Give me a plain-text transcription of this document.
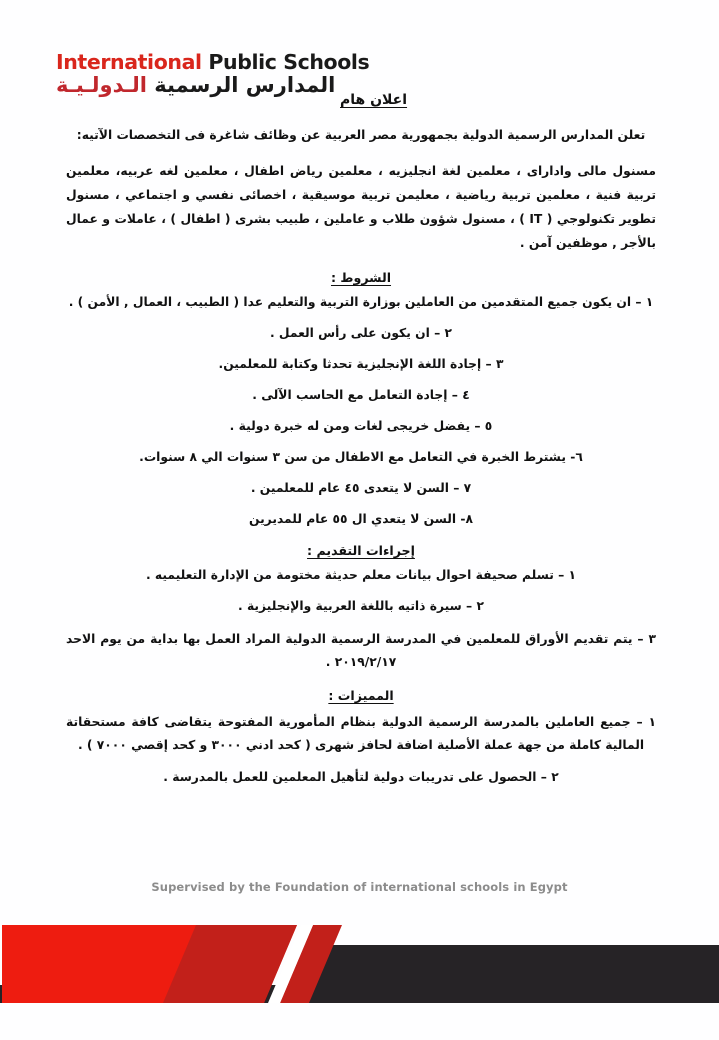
International Public Schools
المدارس الرسمية الـدولـيـة
اعلان هام

تعلن المدارس الرسمية الدولية بجمهورية مصر العربية عن وظائف شاغرة فى التخصصات الآتيه:

مسنول مالى واداراى ، معلمين لغة انجليزيه ، معلمين رياض اطفال ، معلمين لغه عربيه، معلمين تربية فنية ، معلمين تربية رياضية ، معليمن تربية موسيقية ، اخصائى نفسي و اجتماعي ، مسنول تطوير تكنولوجي ( IT ) ، مسنول شؤون طلاب و عاملين ، طبيب بشرى ( اطفال ) ، عاملات و عمال بالأجر , موظفين آمن .

الشروط :
١ – ان يكون جميع المتقدمين من العاملين بوزارة التربية والتعليم عدا ( الطبيب ، العمال , الأمن ) .
٢ – ان يكون على رأس العمل .
٣ – إجادة اللغة الإنجليزية تحدثا وكتابة للمعلمين.
٤ – إجادة التعامل مع الحاسب الآلى .
٥ – يفضل خريجى لغات ومن له خبرة دولية .
٦- يشترط الخبرة في التعامل مع الاطفال من سن ٣ سنوات الي ٨ سنوات.
٧ – السن لا يتعدى ٤٥ عام للمعلمين .
٨- السن لا يتعدي ال ٥٥ عام للمديرين
إجراءات التقديم :
١ – تسلم صحيفة احوال بيانات معلم حديثة مختومة من الإدارة التعليميه .
٢ – سيرة ذاتيه باللغة العربية والإنجليزية .
٣ – يتم تقديم الأوراق للمعلمين في المدرسة الرسمية الدولية المراد العمل بها بداية من يوم الاحد ٢٠١٩/٢/١٧ .
المميزات :
١ – جميع العاملين بالمدرسة الرسمية الدولية بنظام المأمورية المفتوحة يتقاضى كافة مستحقاتة المالية كاملة من جهة عملة الأصلية اضافة لحافز شهرى ( كحد ادني ٣٠٠٠ و كحد إقصي ٧٠٠٠ ) .
٢ – الحصول على تدريبات دولية لتأهيل المعلمين للعمل بالمدرسة .
Supervised by the Foundation of international schools in Egypt
